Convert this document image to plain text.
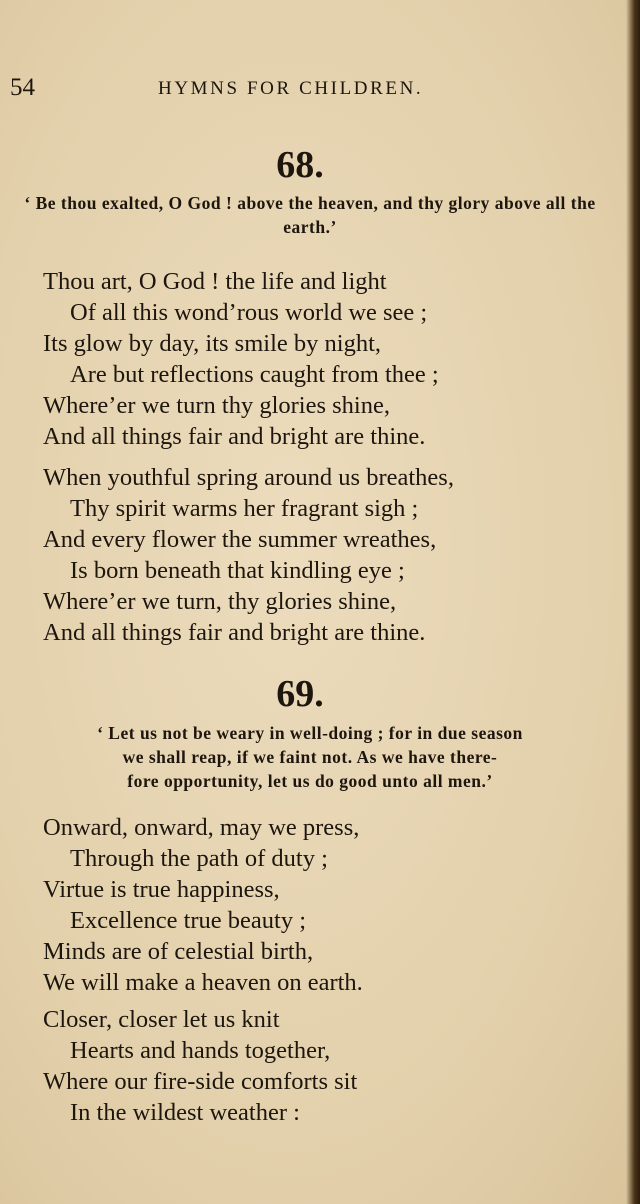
54	HYMNS FOR CHILDREN.
68.
‘ Be thou exalted, O God ! above the heaven, and thy glory above all the earth.’
Thou art, O God ! the life and light
Of all this wond’rous world we see ;
Its glow by day, its smile by night,
Are but reflections caught from thee ;
Where’er we turn thy glories shine,
And all things fair and bright are thine.
When youthful spring around us breathes,
Thy spirit warms her fragrant sigh ;
And every flower the summer wreathes,
Is born beneath that kindling eye ;
Where’er we turn, thy glories shine,
And all things fair and bright are thine.
69.
‘ Let us not be weary in well-doing ; for in due season
we shall reap, if we faint not. As we have there-
fore opportunity, let us do good unto all men.’
Onward, onward, may we press,
Through the path of duty ;
Virtue is true happiness,
Excellence true beauty ;
Minds are of celestial birth,
We will make a heaven on earth.
Closer, closer let us knit
Hearts and hands together,
Where our fire-side comforts sit
In the wildest weather :
